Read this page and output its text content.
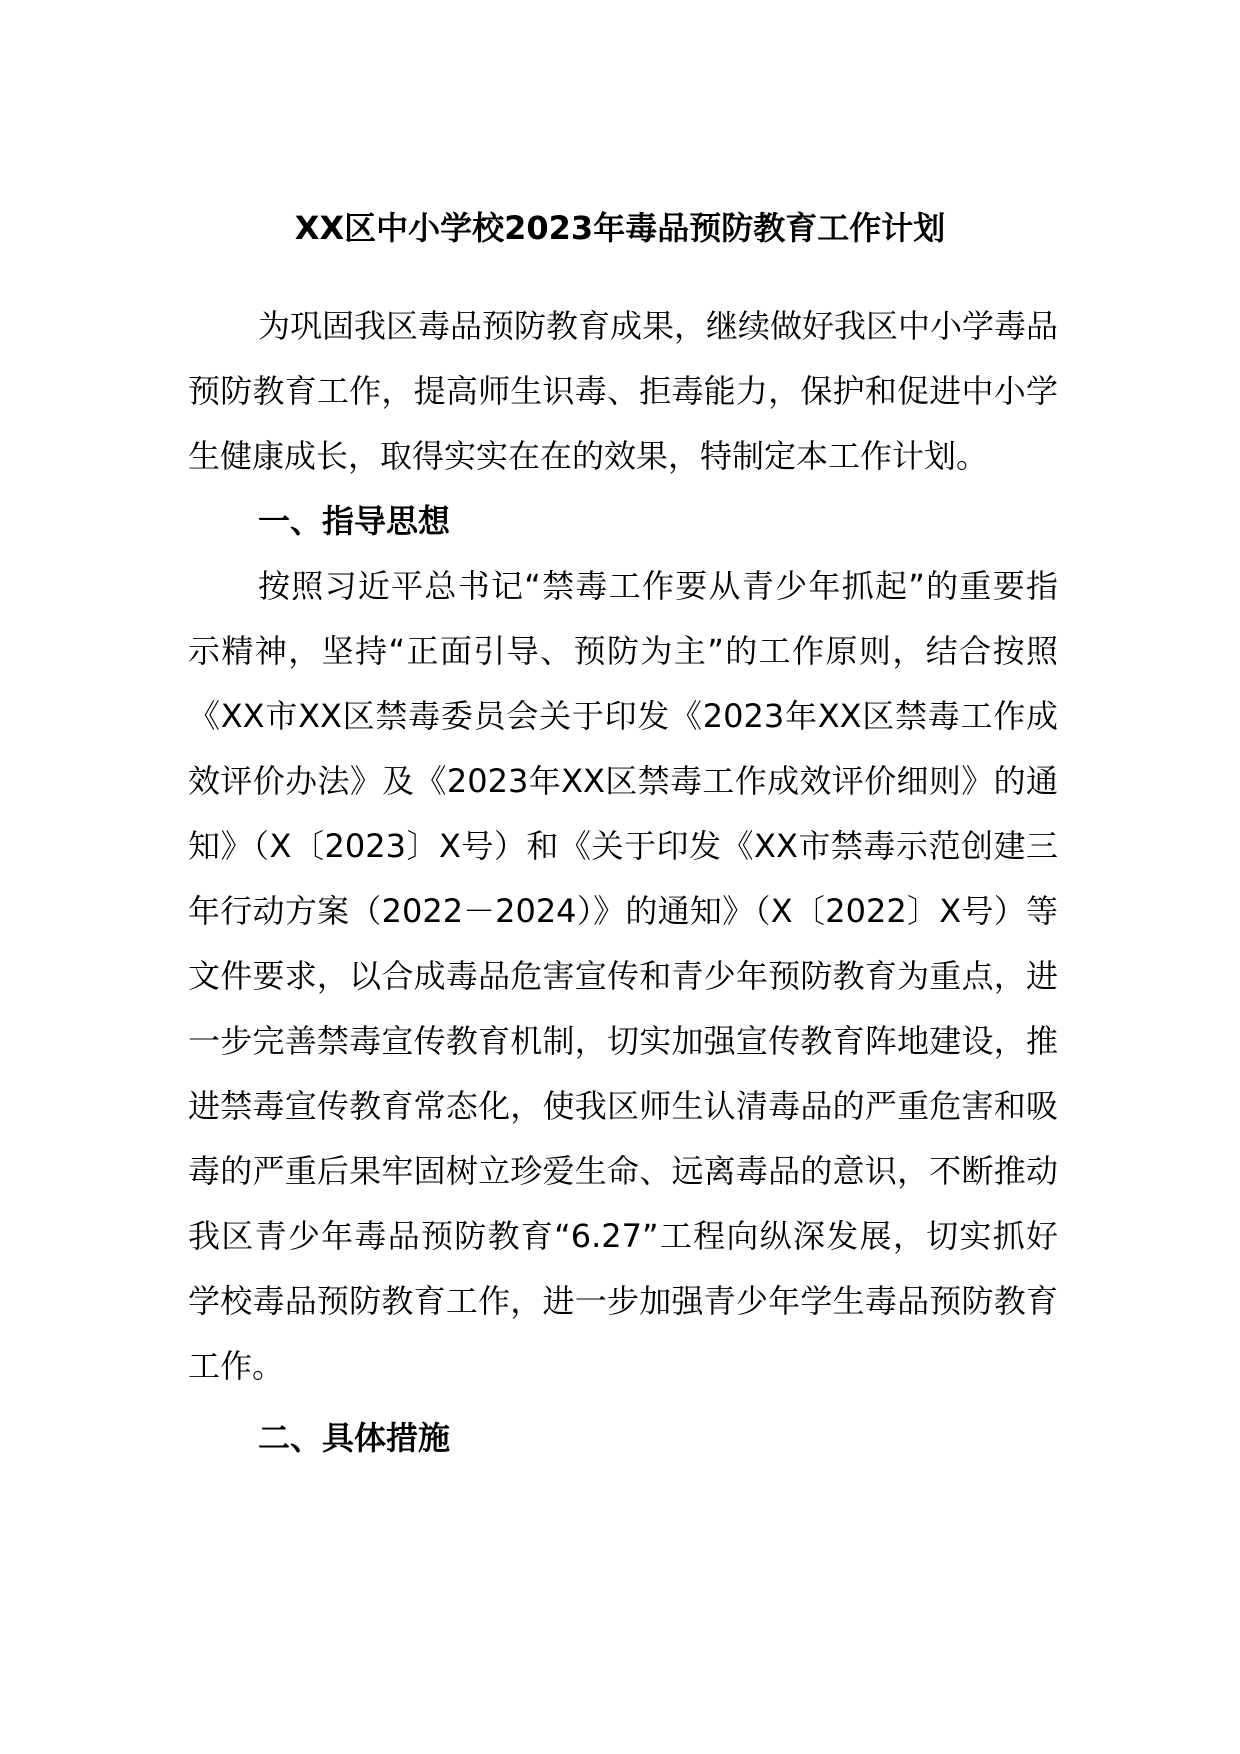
XX区中小学校2023年毒品预防教育工作计划

为巩固我区毒品预防教育成果，继续做好我区中小学毒品预防教育工作，提高师生识毒、拒毒能力，保护和促进中小学生健康成长，取得实实在在的效果，特制定本工作计划。

一、指导思想

按照习近平总书记“禁毒工作要从青少年抓起”的重要指示精神，坚持“正面引导、预防为主”的工作原则，结合按照《XX市XX区禁毒委员会关于印发《2023年XX区禁毒工作成效评价办法》及《2023年XX区禁毒工作成效评价细则》的通知》（X〔2023〕X号）和《关于印发《XX市禁毒示范创建三年行动方案（2022－2024）》的通知》（X〔2022〕X号）等文件要求，以合成毒品危害宣传和青少年预防教育为重点，进一步完善禁毒宣传教育机制，切实加强宣传教育阵地建设，推进禁毒宣传教育常态化，使我区师生认清毒品的严重危害和吸毒的严重后果牢固树立珍爱生命、远离毒品的意识，不断推动我区青少年毒品预防教育“6.27”工程向纵深发展，切实抓好学校毒品预防教育工作，进一步加强青少年学生毒品预防教育工作。

二、具体措施
